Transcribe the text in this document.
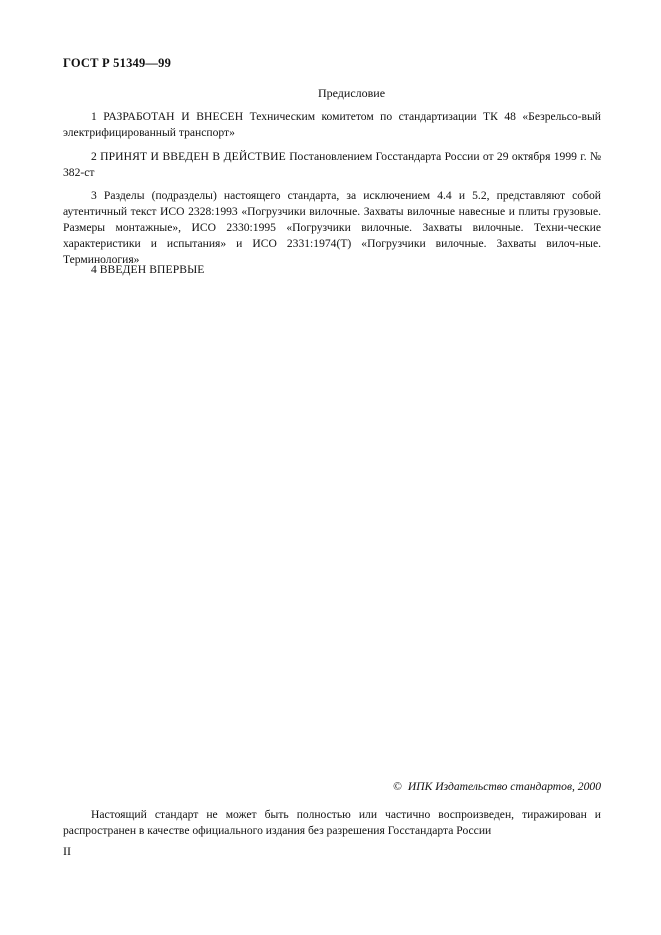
ГОСТ Р 51349—99
Предисловие

1 РАЗРАБОТАН И ВНЕСЕН Техническим комитетом по стандартизации ТК 48 «Безрельсо-вый электрифицированный транспорт»

2 ПРИНЯТ И ВВЕДЕН В ДЕЙСТВИЕ Постановлением Госстандарта России от 29 октября 1999 г. № 382-ст

3 Разделы (подразделы) настоящего стандарта, за исключением 4.4 и 5.2, представляют собой аутентичный текст ИСО 2328:1993 «Погрузчики вилочные. Захваты вилочные навесные и плиты грузовые. Размеры монтажные», ИСО 2330:1995 «Погрузчики вилочные. Захваты вилочные. Техни-ческие характеристики и испытания» и ИСО 2331:1974(Т) «Погрузчики вилочные. Захваты вилоч-ные. Терминология»

4 ВВЕДЕН ВПЕРВЫЕ

© ИПК Издательство стандартов, 2000

Настоящий стандарт не может быть полностью или частично воспроизведен, тиражирован и распространен в качестве официального издания без разрешения Госстандарта России

II
